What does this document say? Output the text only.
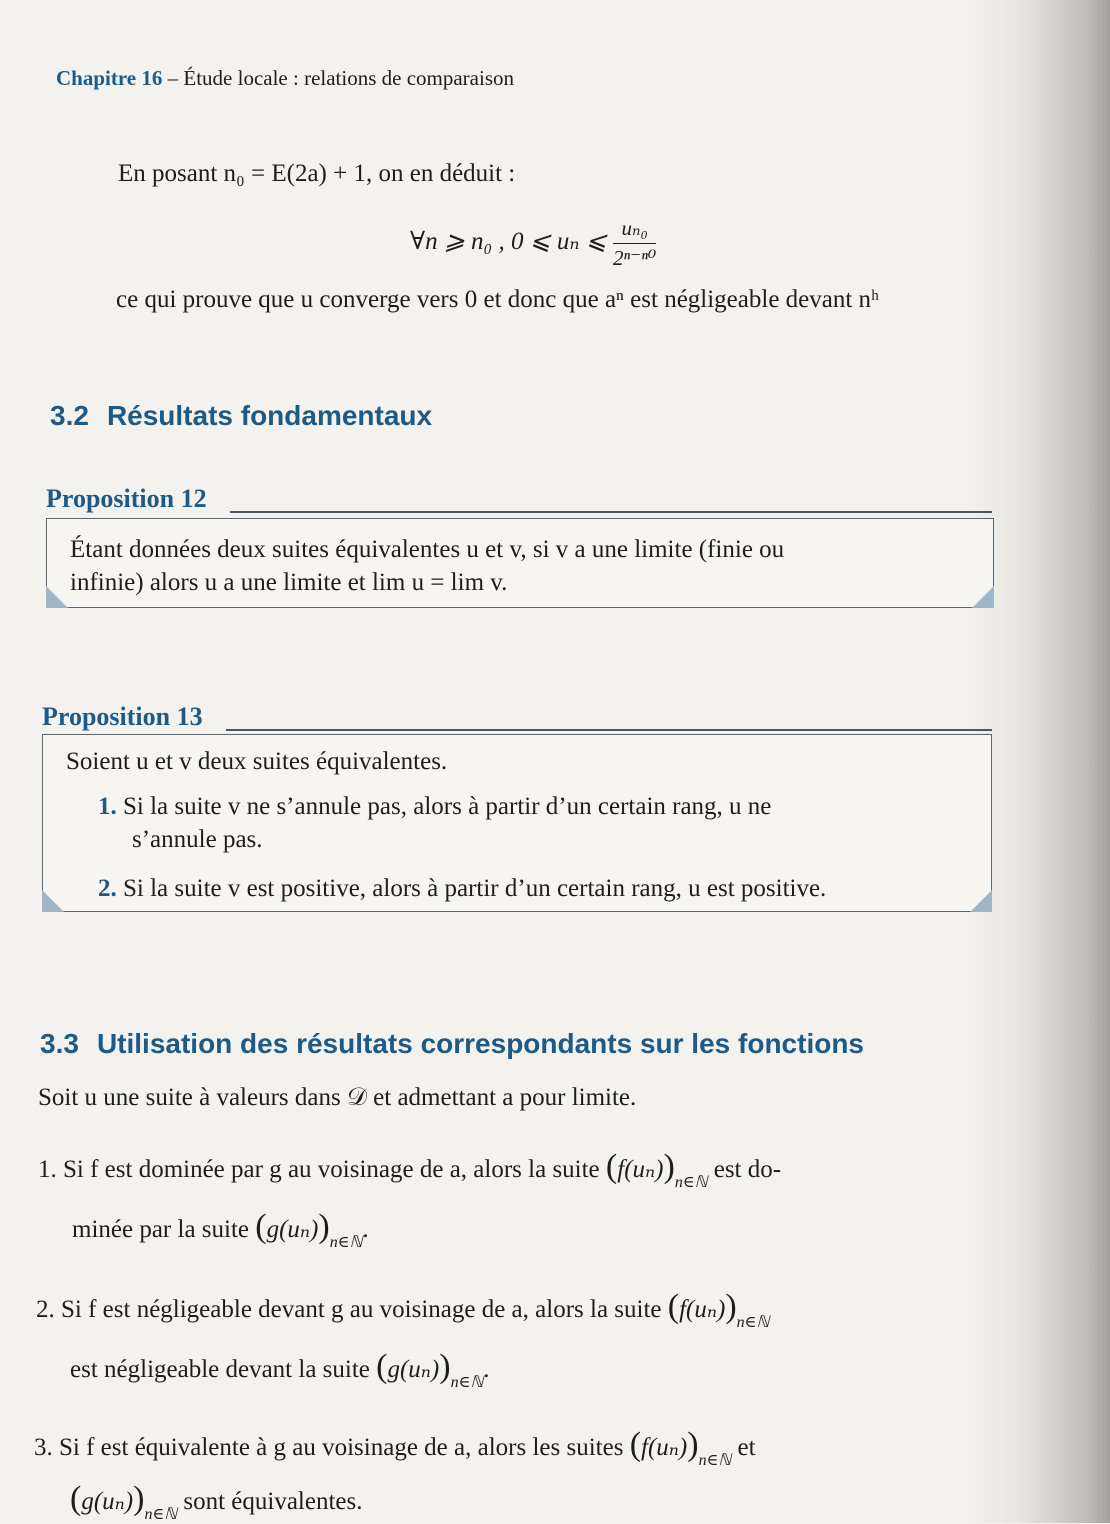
Chapitre 16 – Étude locale : relations de comparaison
En posant n₀ = E(2a) + 1, on en déduit :
∀n ⩾ n₀ , 0 ⩽ uₙ ⩽ $\frac{\text{uₙ₀}}{\text{2ⁿ⁻ⁿ⁰}}$
ce qui prouve que u converge vers 0 et donc que aⁿ est négligeable devant nʰ
3.2 Résultats fondamentaux
Proposition 12
Étant données deux suites équivalentes u et v, si v a une limite (finie ou
infinie) alors u a une limite et lim u = lim v.
Proposition 13
Soient u et v deux suites équivalentes.
1. Si la suite v ne s’annule pas, alors à partir d’un certain rang, u ne
s’annule pas.
2. Si la suite v est positive, alors à partir d’un certain rang, u est positive.
3.3 Utilisation des résultats correspondants sur les fonctions
Soit u une suite à valeurs dans 𝒟 et admettant a pour limite.
1. Si f est dominée par g au voisinage de a, alors la suite $(f(u_n))_{n\in ℕ}$ est do-
minée par la suite $(g(u_n))_{n\in ℕ}$.
2. Si f est négligeable devant g au voisinage de a, alors la suite $(f(u_n))_{n\in ℕ}$
est négligeable devant la suite $(g(u_n))_{n\in ℕ}$.
3. Si f est équivalente à g au voisinage de a, alors les suites $(f(u_n))_{n\in ℕ}$ et
$(g(u_n))_{n\in ℕ}$ sont équivalentes.
